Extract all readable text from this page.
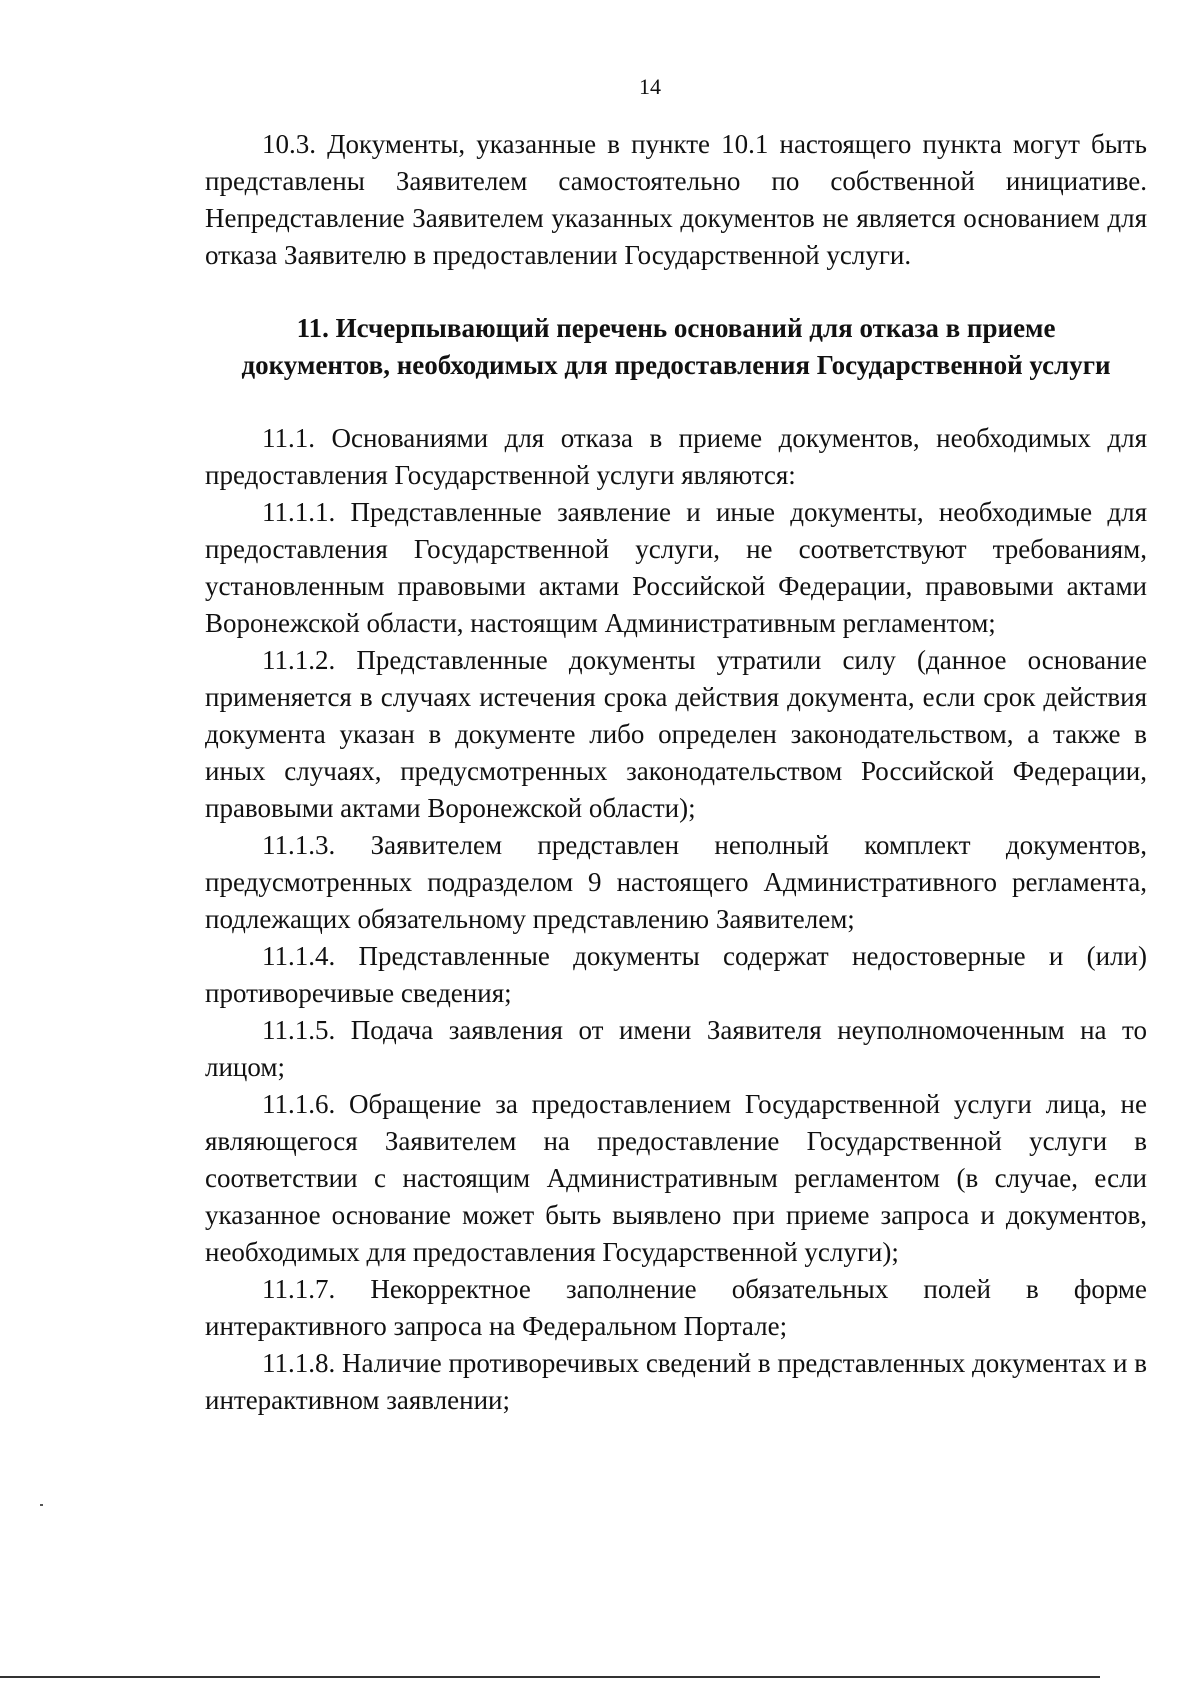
14

10.3. Документы, указанные в пункте 10.1 настоящего пункта могут быть представлены Заявителем самостоятельно по собственной инициативе. Непредставление Заявителем указанных документов не является основанием для отказа Заявителю в предоставлении Государственной услуги.

11. Исчерпывающий перечень оснований для отказа в приеме
документов, необходимых для предоставления Государственной услуги

11.1. Основаниями для отказа в приеме документов, необходимых для предоставления Государственной услуги являются:

11.1.1. Представленные заявление и иные документы, необходимые для предоставления Государственной услуги, не соответствуют требованиям, установленным правовыми актами Российской Федерации, правовыми актами Воронежской области, настоящим Административным регламентом;

11.1.2. Представленные документы утратили силу (данное основание применяется в случаях истечения срока действия документа, если срок действия документа указан в документе либо определен законодательством, а также в иных случаях, предусмотренных законодательством Российской Федерации, правовыми актами Воронежской области);

11.1.3. Заявителем представлен неполный комплект документов, предусмотренных подразделом 9 настоящего Административного регламента, подлежащих обязательному представлению Заявителем;

11.1.4. Представленные документы содержат недостоверные и (или) противоречивые сведения;

11.1.5. Подача заявления от имени Заявителя неуполномоченным на то лицом;

11.1.6. Обращение за предоставлением Государственной услуги лица, не являющегося Заявителем на предоставление Государственной услуги в соответствии с настоящим Административным регламентом (в случае, если указанное основание может быть выявлено при приеме запроса и документов, необходимых для предоставления Государственной услуги);

11.1.7. Некорректное заполнение обязательных полей в форме интерактивного запроса на Федеральном Портале;

11.1.8. Наличие противоречивых сведений в представленных документах и в интерактивном заявлении;
